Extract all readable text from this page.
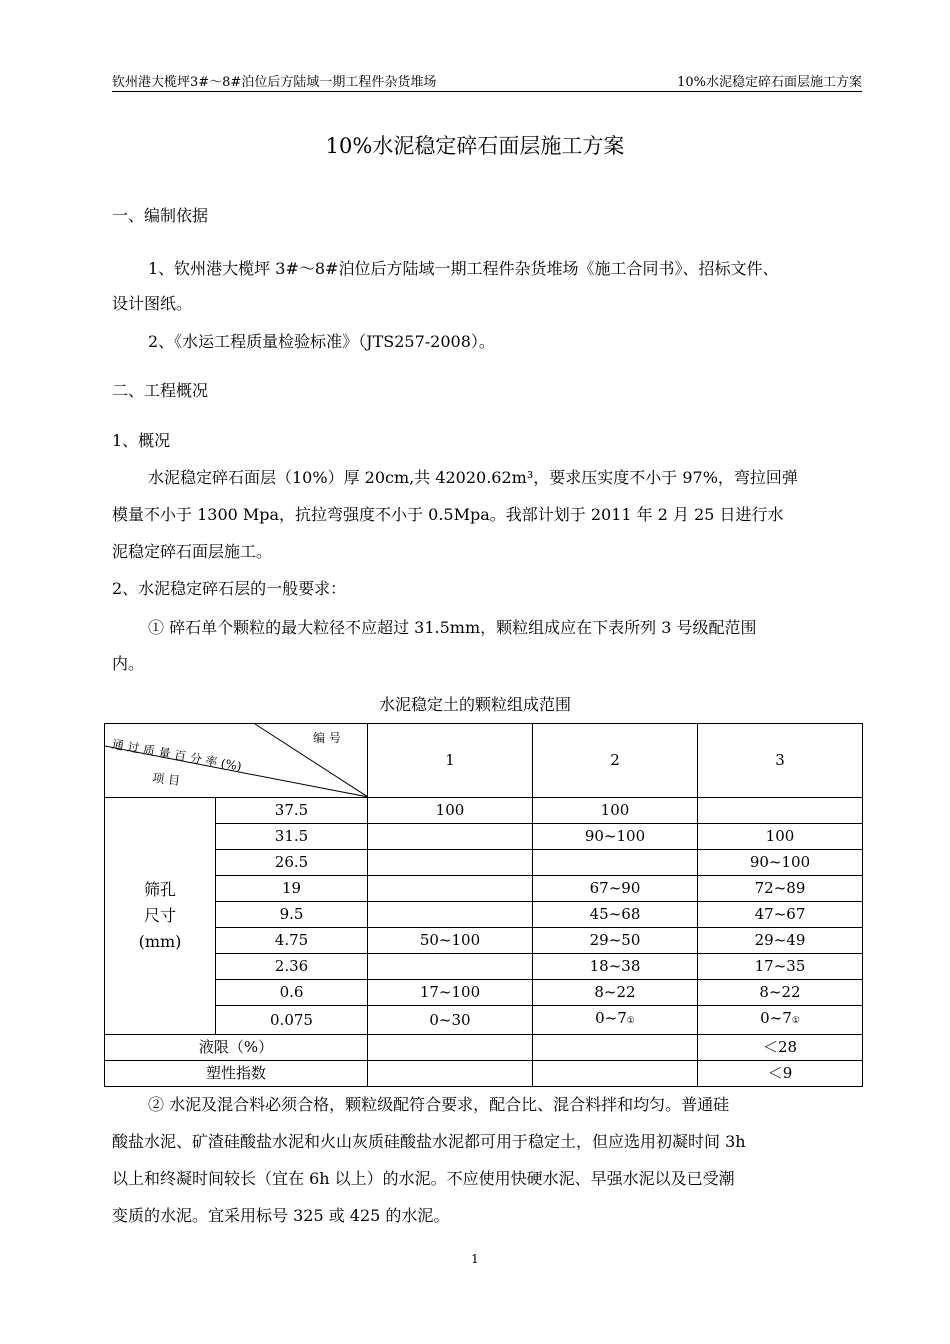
钦州港大榄坪3#～8#泊位后方陆域一期工程件杂货堆场	10%水泥稳定碎石面层施工方案
10%水泥稳定碎石面层施工方案
一、编制依据
1、钦州港大榄坪 3#～8#泊位后方陆域一期工程件杂货堆场《施工合同书》、招标文件、
设计图纸。
2、《水运工程质量检验标准》（JTS257-2008）。
二、工程概况
1、概况
水泥稳定碎石面层（10%）厚 20cm,共 42020.62m³，要求压实度不小于 97%，弯拉回弹
模量不小于 1300 Mpa，抗拉弯强度不小于 0.5Mpa。我部计划于 2011 年 2 月 25 日进行水
泥稳定碎石面层施工。
2、水泥稳定碎石层的一般要求：
① 碎石单个颗粒的最大粒径不应超过 31.5mm，颗粒组成应在下表所列 3 号级配范围
内。
水泥稳定土的颗粒组成范围
编 号
通 过 质 量 百 分 率 (%)
项 目		1	2	3

筛孔
尺寸
(mm)	37.5	100	100	
	31.5		90~100	100
	26.5			90~100
	19		67~90	72~89
	9.5		45~68	47~67
	4.75	50~100	29~50	29~49
	2.36		18~38	17~35
	0.6	17~100	8~22	8~22
	0.075	0~30	0~7①	0~7①
液限（%）				＜28
塑性指数				＜9
② 水泥及混合料必须合格，颗粒级配符合要求，配合比、混合料拌和均匀。普通硅
酸盐水泥、矿渣硅酸盐水泥和火山灰质硅酸盐水泥都可用于稳定土，但应选用初凝时间 3h
以上和终凝时间较长（宜在 6h 以上）的水泥。不应使用快硬水泥、早强水泥以及已受潮
变质的水泥。宜采用标号 325 或 425 的水泥。
1
